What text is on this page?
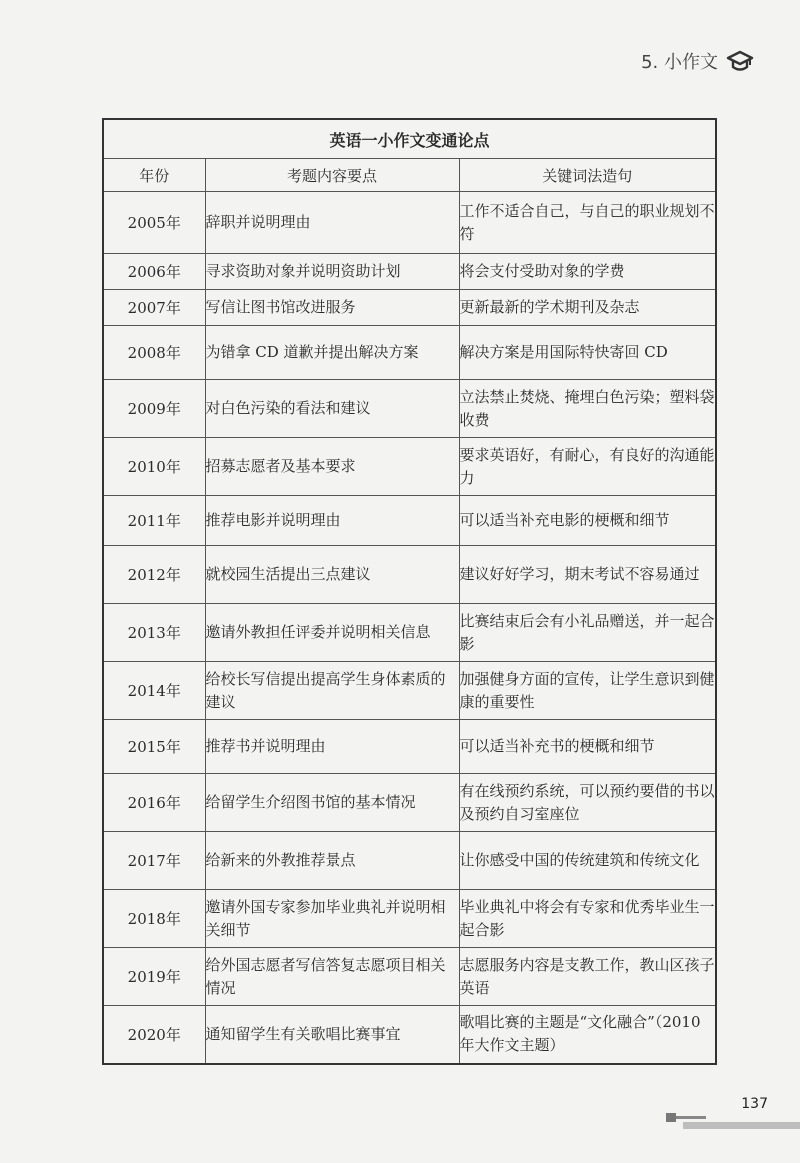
5. 小作文
英语一小作文变通论点		
年份	考题内容要点	关键词法造句
2005年	辞职并说明理由	工作不适合自己，与自己的职业规划不符
2006年	寻求资助对象并说明资助计划	将会支付受助对象的学费
2007年	写信让图书馆改进服务	更新最新的学术期刊及杂志
2008年	为错拿 CD 道歉并提出解决方案	解决方案是用国际特快寄回 CD
2009年	对白色污染的看法和建议	立法禁止焚烧、掩埋白色污染；塑料袋收费
2010年	招募志愿者及基本要求	要求英语好，有耐心，有良好的沟通能力
2011年	推荐电影并说明理由	可以适当补充电影的梗概和细节
2012年	就校园生活提出三点建议	建议好好学习，期末考试不容易通过
2013年	邀请外教担任评委并说明相关信息	比赛结束后会有小礼品赠送，并一起合影
2014年	给校长写信提出提高学生身体素质的建议	加强健身方面的宣传，让学生意识到健康的重要性
2015年	推荐书并说明理由	可以适当补充书的梗概和细节
2016年	给留学生介绍图书馆的基本情况	有在线预约系统，可以预约要借的书以及预约自习室座位
2017年	给新来的外教推荐景点	让你感受中国的传统建筑和传统文化
2018年	邀请外国专家参加毕业典礼并说明相关细节	毕业典礼中将会有专家和优秀毕业生一起合影
2019年	给外国志愿者写信答复志愿项目相关情况	志愿服务内容是支教工作，教山区孩子英语
2020年	通知留学生有关歌唱比赛事宜	歌唱比赛的主题是“文化融合”（2010年大作文主题）
137
